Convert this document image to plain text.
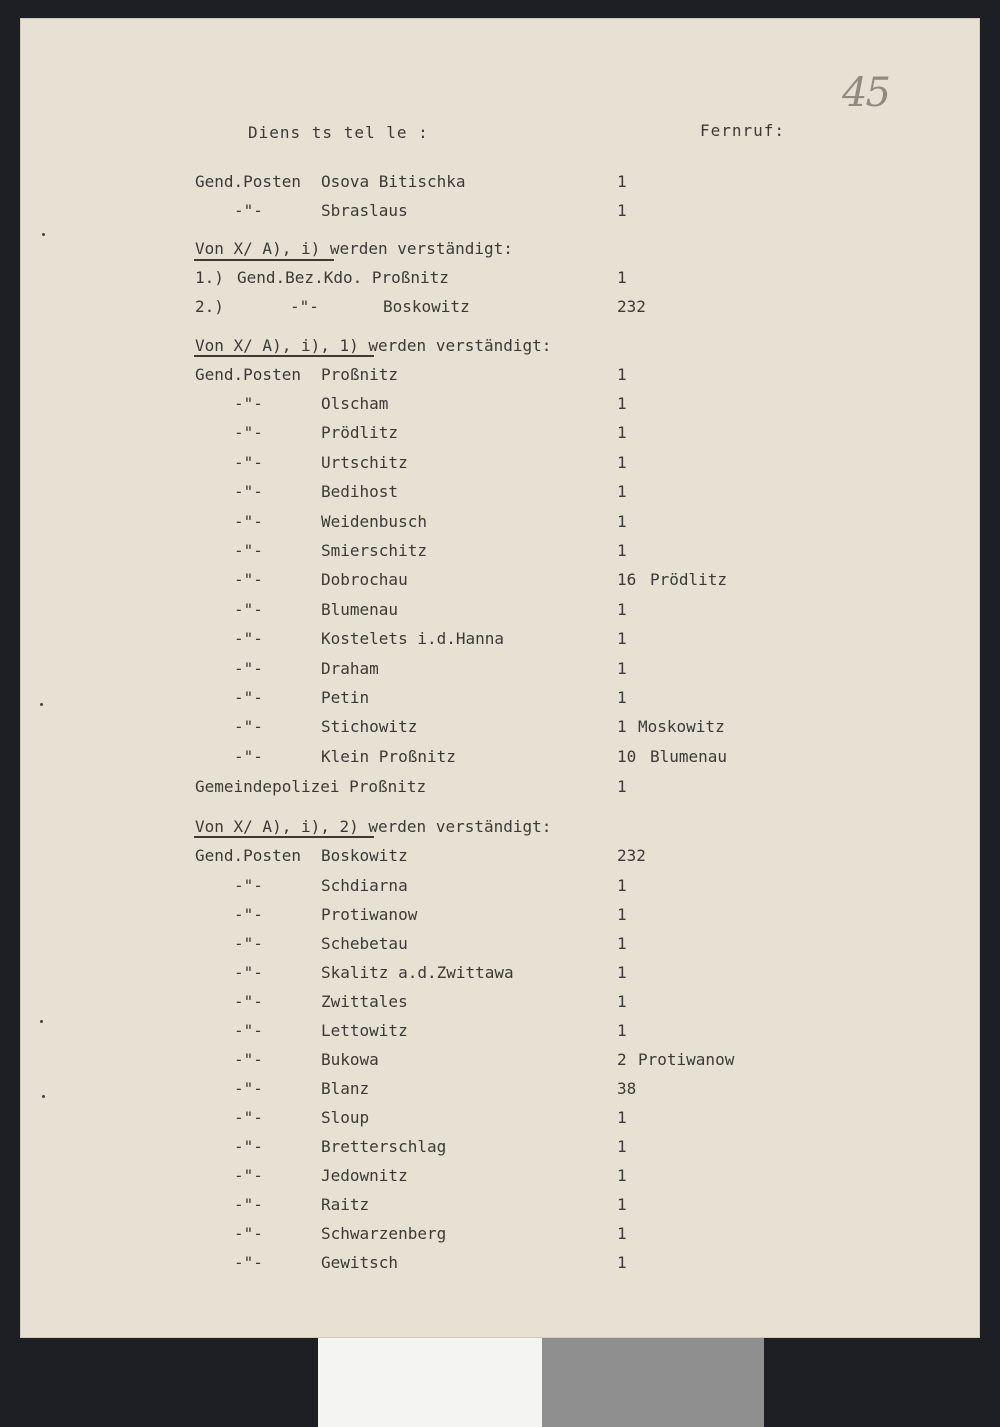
45
Diens ts tel le :	Fernruf:
Gend.Posten Osova Bitischka	1
-"-	Sbraslaus	1
Von X/ A), i) werden verständigt:
1.) Gend.Bez.Kdo. Proßnitz	1
2.)	-"-	Boskowitz	232
Von X/ A), i), 1) werden verständigt:
Gend.Posten Proßnitz	1
-"-	Olscham	1
-"-	Prödlitz	1
-"-	Urtschitz	1
-"-	Bedihost	1
-"-	Weidenbusch	1
-"-	Smierschitz	1
-"-	Dobrochau	16 Prödlitz
-"-	Blumenau	1
-"-	Kostelets i.d.Hanna	1
-"-	Draham	1
-"-	Petin	1
-"-	Stichowitz	1 Moskowitz
-"-	Klein Proßnitz	10 Blumenau
Gemeindepolizei Proßnitz	1
Von X/ A), i), 2) werden verständigt:
Gend.Posten Boskowitz	232
-"-	Schdiarna	1
-"-	Protiwanow	1
-"-	Schebetau	1
-"-	Skalitz a.d.Zwittawa	1
-"-	Zwittales	1
-"-	Lettowitz	1
-"-	Bukowa	2 Protiwanow
-"-	Blanz	38
-"-	Sloup	1
-"-	Bretterschlag	1
-"-	Jedownitz	1
-"-	Raitz	1
-"-	Schwarzenberg	1
-"-	Gewitsch	1
